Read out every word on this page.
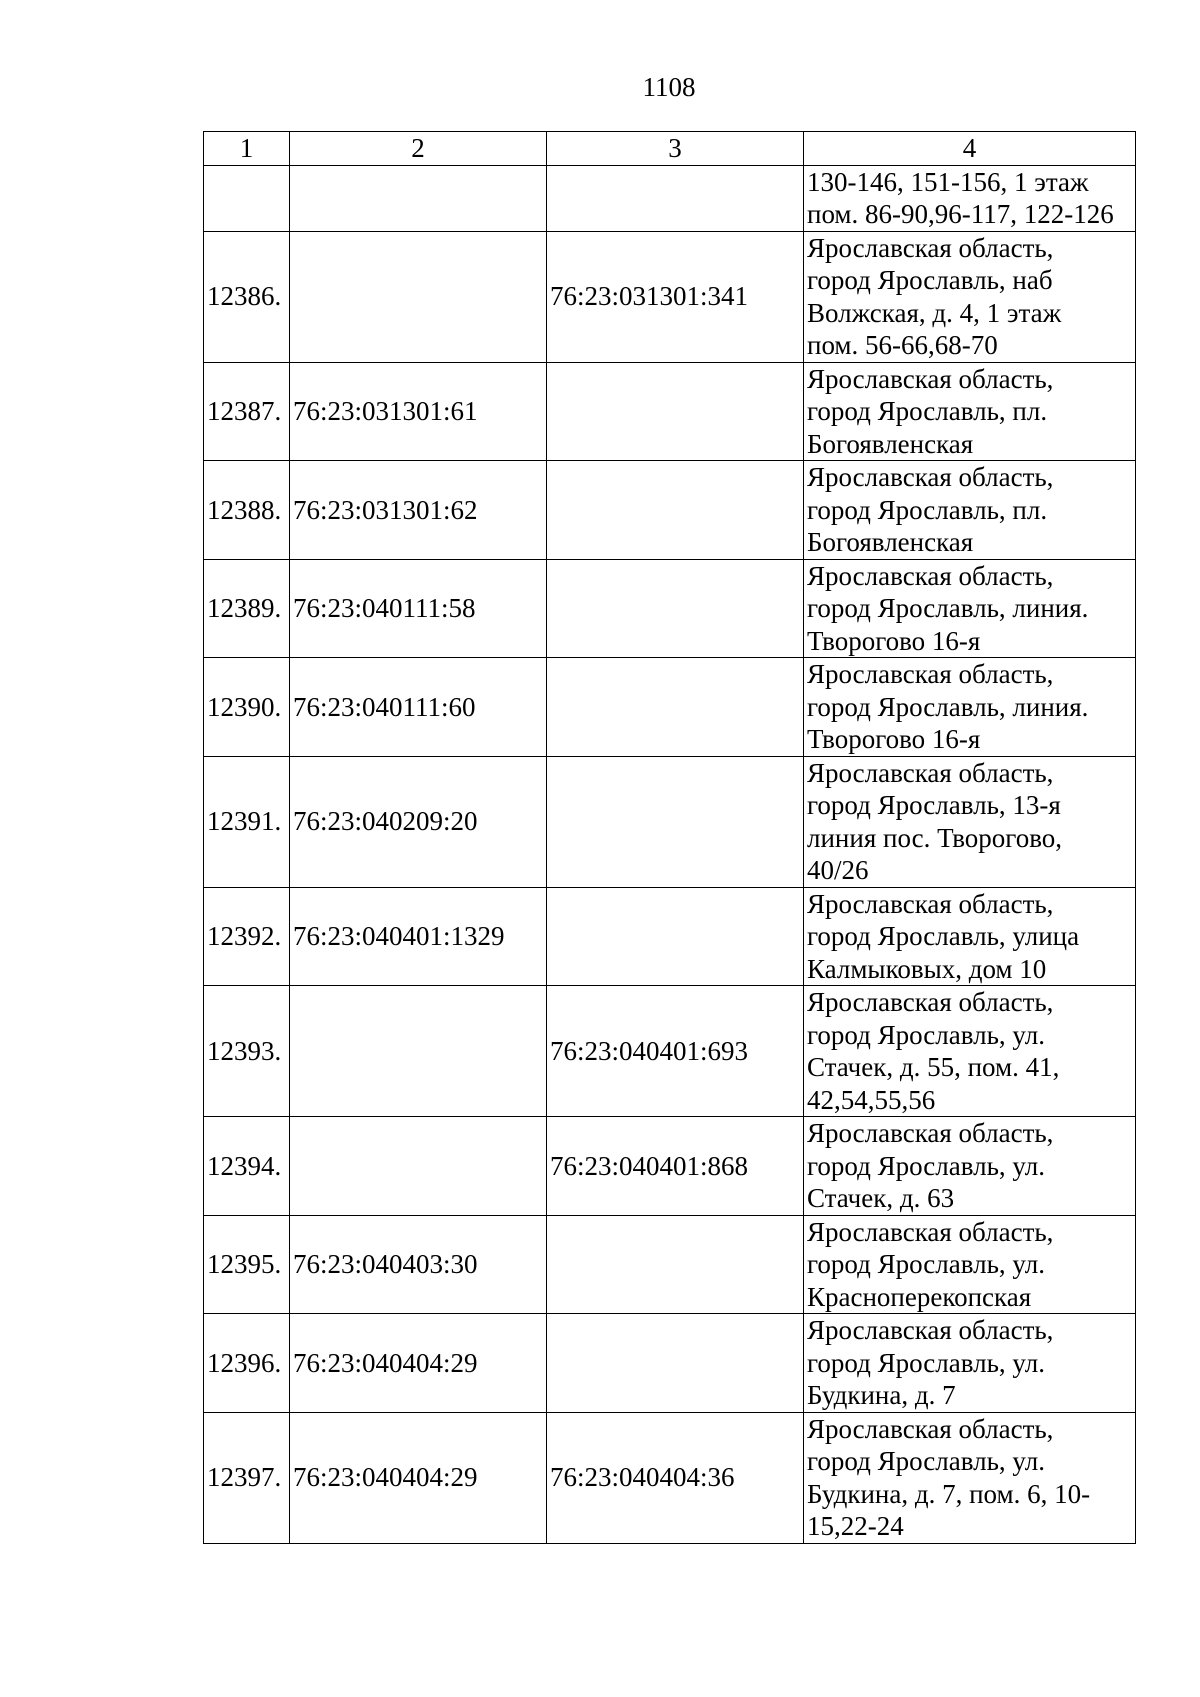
1108
1	2	3	4

			130-146, 151-156, 1 этаж
пом. 86-90,96-117, 122-126

12386.		76:23:031301:341	Ярославская область,
город Ярославль, наб
Волжская, д. 4, 1 этаж
пом. 56-66,68-70

12387.	76:23:031301:61		Ярославская область,
город Ярославль, пл.
Богоявленская

12388.	76:23:031301:62		Ярославская область,
город Ярославль, пл.
Богоявленская

12389.	76:23:040111:58		Ярославская область,
город Ярославль, линия.
Творогово 16-я

12390.	76:23:040111:60		Ярославская область,
город Ярославль, линия.
Творогово 16-я

12391.	76:23:040209:20		Ярославская область,
город Ярославль, 13-я
линия пос. Творогово,
40/26

12392.	76:23:040401:1329		Ярославская область,
город Ярославль, улица
Калмыковых, дом 10

12393.		76:23:040401:693	Ярославская область,
город Ярославль, ул.
Стачек, д. 55, пом. 41,
42,54,55,56

12394.		76:23:040401:868	Ярославская область,
город Ярославль, ул.
Стачек, д. 63

12395.	76:23:040403:30		Ярославская область,
город Ярославль, ул.
Красноперекопская

12396.	76:23:040404:29		Ярославская область,
город Ярославль, ул.
Будкина, д. 7

12397.	76:23:040404:29	76:23:040404:36	Ярославская область,
город Ярославль, ул.
Будкина, д. 7, пом. 6, 10-
15,22-24
